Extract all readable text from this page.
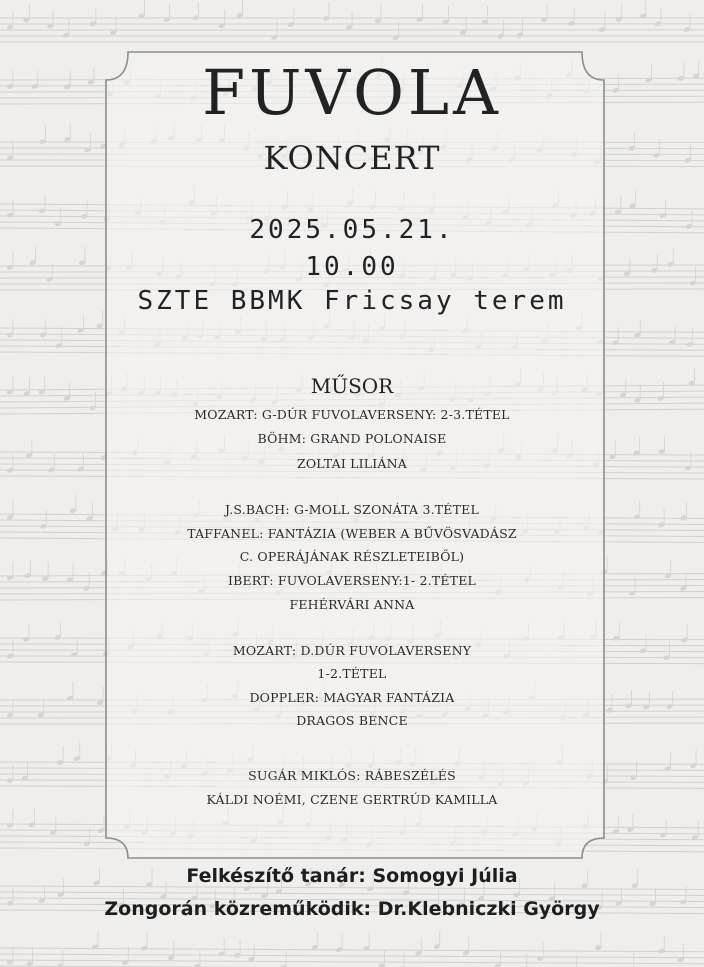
FUVOLA
KONCERT
2025.05.21.
10.00
SZTE BBMK Fricsay terem
MŰSOR
MOZART: G-DÚR FUVOLAVERSENY: 2-3.TÉTEL
BÖHM: GRAND POLONAISE
ZOLTAI LILIÁNA
J.S.BACH: G-MOLL SZONÁTA 3.TÉTEL
TAFFANEL: FANTÁZIA (WEBER A BŰVÖSVADÁSZ
C. OPERÁJÁNAK RÉSZLETEIBŐL)
IBERT: FUVOLAVERSENY:1- 2.TÉTEL
FEHÉRVÁRI ANNA
MOZART: D.DÚR FUVOLAVERSENY
1-2.TÉTEL
DOPPLER: MAGYAR FANTÁZIA
DRAGOS BENCE
SUGÁR MIKLÓS: RÁBESZÉLÉS
KÁLDI NOÉMI, CZENE GERTRÚD KAMILLA
Felkészítő tanár: Somogyi Júlia
Zongorán közreműködik: Dr.Klebniczki György
